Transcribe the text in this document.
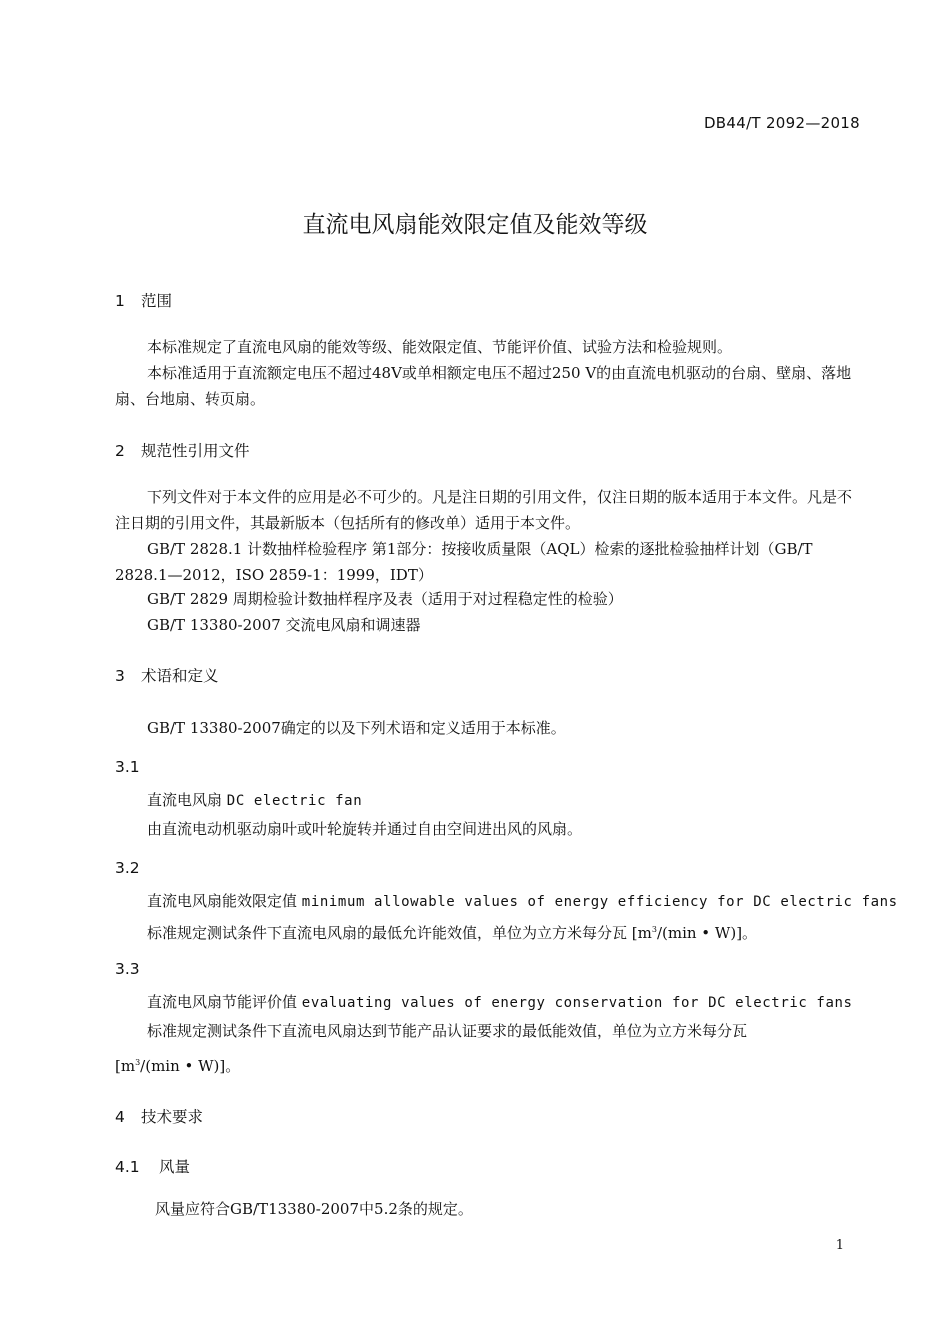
DB44/T 2092—2018
直流电风扇能效限定值及能效等级
1 范围
本标准规定了直流电风扇的能效等级、能效限定值、节能评价值、试验方法和检验规则。
本标准适用于直流额定电压不超过48V或单相额定电压不超过250 V的由直流电机驱动的台扇、壁扇、落地扇、台地扇、转页扇。
2 规范性引用文件
下列文件对于本文件的应用是必不可少的。凡是注日期的引用文件，仅注日期的版本适用于本文件。凡是不注日期的引用文件，其最新版本（包括所有的修改单）适用于本文件。
GB/T 2828.1 计数抽样检验程序 第1部分：按接收质量限（AQL）检索的逐批检验抽样计划（GB/T 2828.1—2012，ISO 2859-1：1999，IDT）
GB/T 2829 周期检验计数抽样程序及表（适用于对过程稳定性的检验）
GB/T 13380-2007 交流电风扇和调速器
3 术语和定义
GB/T 13380-2007确定的以及下列术语和定义适用于本标准。
3.1
直流电风扇 DC electric fan
由直流电动机驱动扇叶或叶轮旋转并通过自由空间进出风的风扇。
3.2
直流电风扇能效限定值 minimum allowable values of energy efficiency for DC electric fans
标准规定测试条件下直流电风扇的最低允许能效值，单位为立方米每分瓦 [$m^3/(\min$ • W)]。
3.3
直流电风扇节能评价值 evaluating values of energy conservation for DC electric fans
标准规定测试条件下直流电风扇达到节能产品认证要求的最低能效值，单位为立方米每分瓦
[$m^3/(\min$ • W)]。
4 技术要求
4.1 风量
风量应符合GB/T13380-2007中5.2条的规定。
1
